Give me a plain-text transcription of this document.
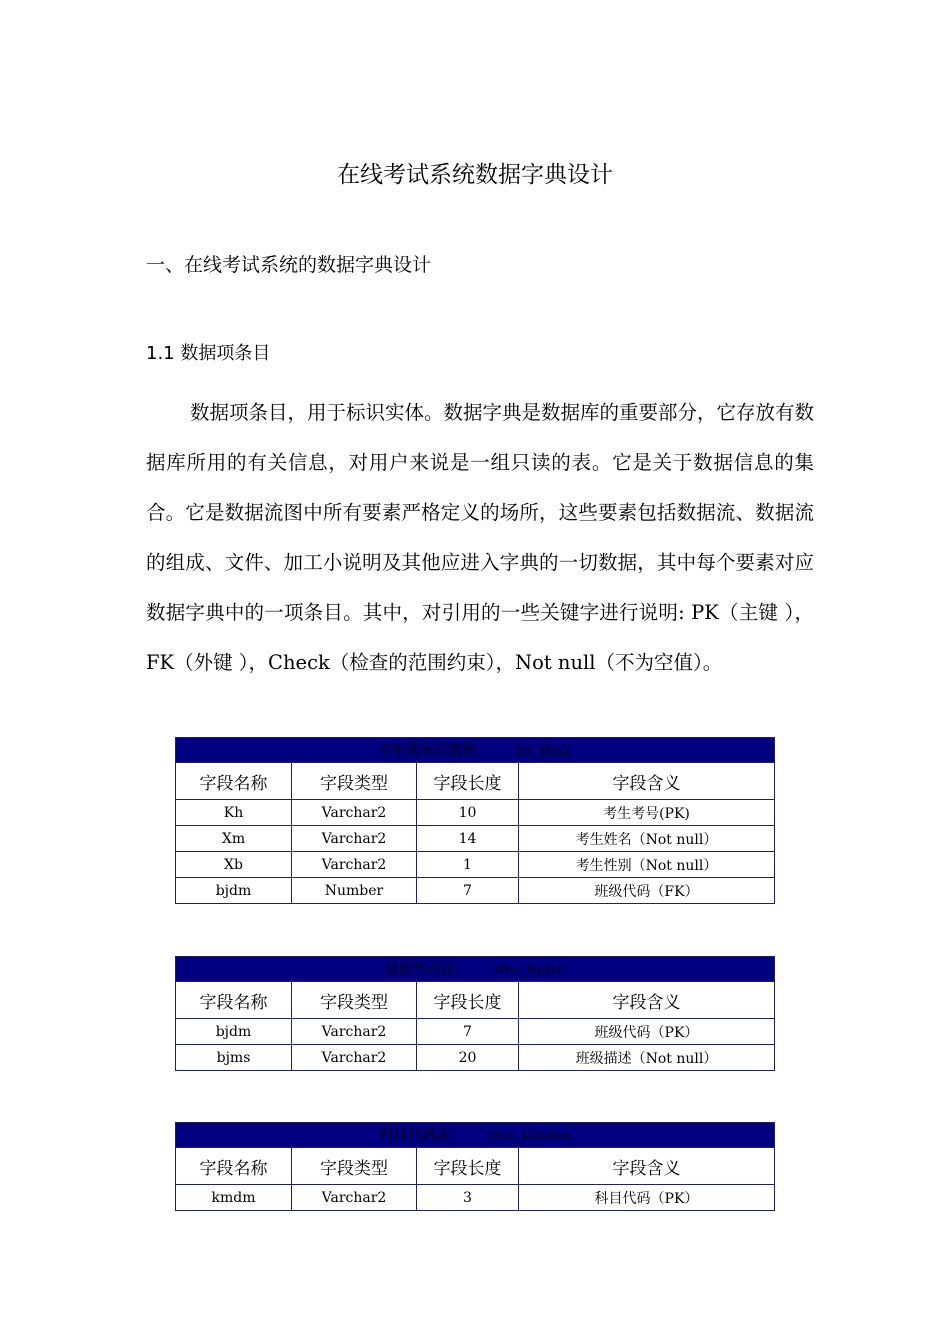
在线考试系统数据字典设计
一、在线考试系统的数据字典设计
1.1 数据项条目

数据项条目，用于标识实体。数据字典是数据库的重要部分，它存放有数据库所用的有关信息，对用户来说是一组只读的表。它是关于数据信息的集合。它是数据流图中所有要素严格定义的场所，这些要素包括数据流、数据流的组成、文件、加工小说明及其他应进入字典的一切数据，其中每个要素对应数据字典中的一项条目。其中，对引用的一些关键字进行说明: PK（主键 ），FK（外键 ），Check（检查的范围约束），Not null（不为空值）。

考生基本信息表： ks_jbxx			
字段名称	字段类型	字段长度	字段含义
Kh	Varchar2	10	考生考号(PK)
Xm	Varchar2	14	考生姓名（Not null）
Xb	Varchar2	1	考生性别（Not null）
bjdm	Number	7	班级代码（FK）
班级代码表： dm_bjdm			
字段名称	字段类型	字段长度	字段含义
bjdm	Varchar2	7	班级代码（PK）
bjms	Varchar2	20	班级描述（Not null）
科目代码表： dm_kmdm			
字段名称	字段类型	字段长度	字段含义
kmdm	Varchar2	3	科目代码（PK）
